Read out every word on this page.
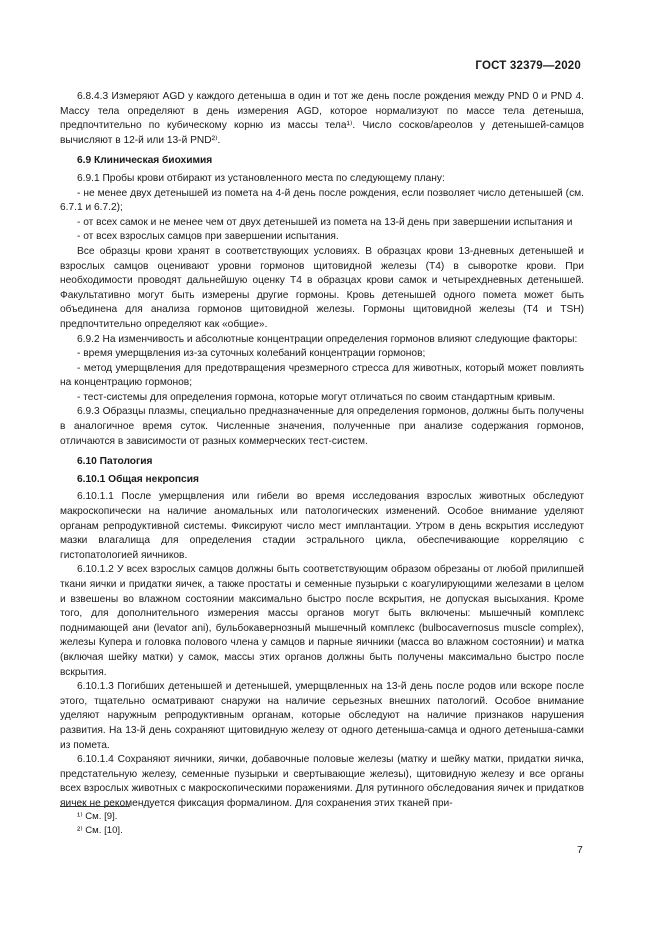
ГОСТ 32379—2020

6.8.4.3 Измеряют AGD у каждого детеныша в один и тот же день после рождения между PND 0 и PND 4. Массу тела определяют в день измерения AGD, которое нормализуют по массе тела детеныша, предпочтительно по кубическому корню из массы тела¹⁾. Число сосков/ареолов у детенышей-самцов вычисляют в 12-й или 13-й PND²⁾.

6.9 Клиническая биохимия

6.9.1 Пробы крови отбирают из установленного места по следующему плану:

- не менее двух детенышей из помета на 4-й день после рождения, если позволяет число детенышей (см. 6.7.1 и 6.7.2);

- от всех самок и не менее чем от двух детенышей из помета на 13-й день при завершении испытания и

- от всех взрослых самцов при завершении испытания.

Все образцы крови хранят в соответствующих условиях. В образцах крови 13-дневных детенышей и взрослых самцов оценивают уровни гормонов щитовидной железы (T4) в сыворотке крови. При необходимости проводят дальнейшую оценку T4 в образцах крови самок и четырехдневных детенышей. Факультативно могут быть измерены другие гормоны. Кровь детенышей одного помета может быть объединена для анализа гормонов щитовидной железы. Гормоны щитовидной железы (T4 и TSH) предпочтительно определяют как «общие».

6.9.2 На изменчивость и абсолютные концентрации определения гормонов влияют следующие факторы:

- время умерщвления из-за суточных колебаний концентрации гормонов;

- метод умерщвления для предотвращения чрезмерного стресса для животных, который может повлиять на концентрацию гормонов;

- тест-системы для определения гормона, которые могут отличаться по своим стандартным кривым.

6.9.3 Образцы плазмы, специально предназначенные для определения гормонов, должны быть получены в аналогичное время суток. Численные значения, полученные при анализе содержания гормонов, отличаются в зависимости от разных коммерческих тест-систем.

6.10 Патология

6.10.1 Общая некропсия

6.10.1.1 После умерщвления или гибели во время исследования взрослых животных обследуют макроскопически на наличие аномальных или патологических изменений. Особое внимание уделяют органам репродуктивной системы. Фиксируют число мест имплантации. Утром в день вскрытия исследуют мазки влагалища для определения стадии эстрального цикла, обеспечивающие корреляцию с гистопатологией яичников.

6.10.1.2 У всех взрослых самцов должны быть соответствующим образом обрезаны от любой прилипшей ткани яички и придатки яичек, а также простаты и семенные пузырьки с коагулирующими железами в целом и взвешены во влажном состоянии максимально быстро после вскрытия, не допуская высыхания. Кроме того, для дополнительного измерения массы органов могут быть включены: мышечный комплекс поднимающей ани (levator ani), бульбокавернозный мышечный комплекс (bulbocavernosus muscle complex), железы Купера и головка полового члена у самцов и парные яичники (масса во влажном состоянии) и матка (включая шейку матки) у самок, массы этих органов должны быть получены максимально быстро после вскрытия.

6.10.1.3 Погибших детенышей и детенышей, умерщвленных на 13-й день после родов или вскоре после этого, тщательно осматривают снаружи на наличие серьезных внешних патологий. Особое внимание уделяют наружным репродуктивным органам, которые обследуют на наличие признаков нарушения развития. На 13-й день сохраняют щитовидную железу от одного детеныша-самца и одного детеныша-самки из помета.

6.10.1.4 Сохраняют яичники, яички, добавочные половые железы (матку и шейку матки, придатки яичка, предстательную железу, семенные пузырьки и свертывающие железы), щитовидную железу и все органы всех взрослых животных с макроскопическими поражениями. Для рутинного обследования яичек и придатков яичек не рекомендуется фиксация формалином. Для сохранения этих тканей при-

¹⁾ См. [9].
²⁾ См. [10].
7
